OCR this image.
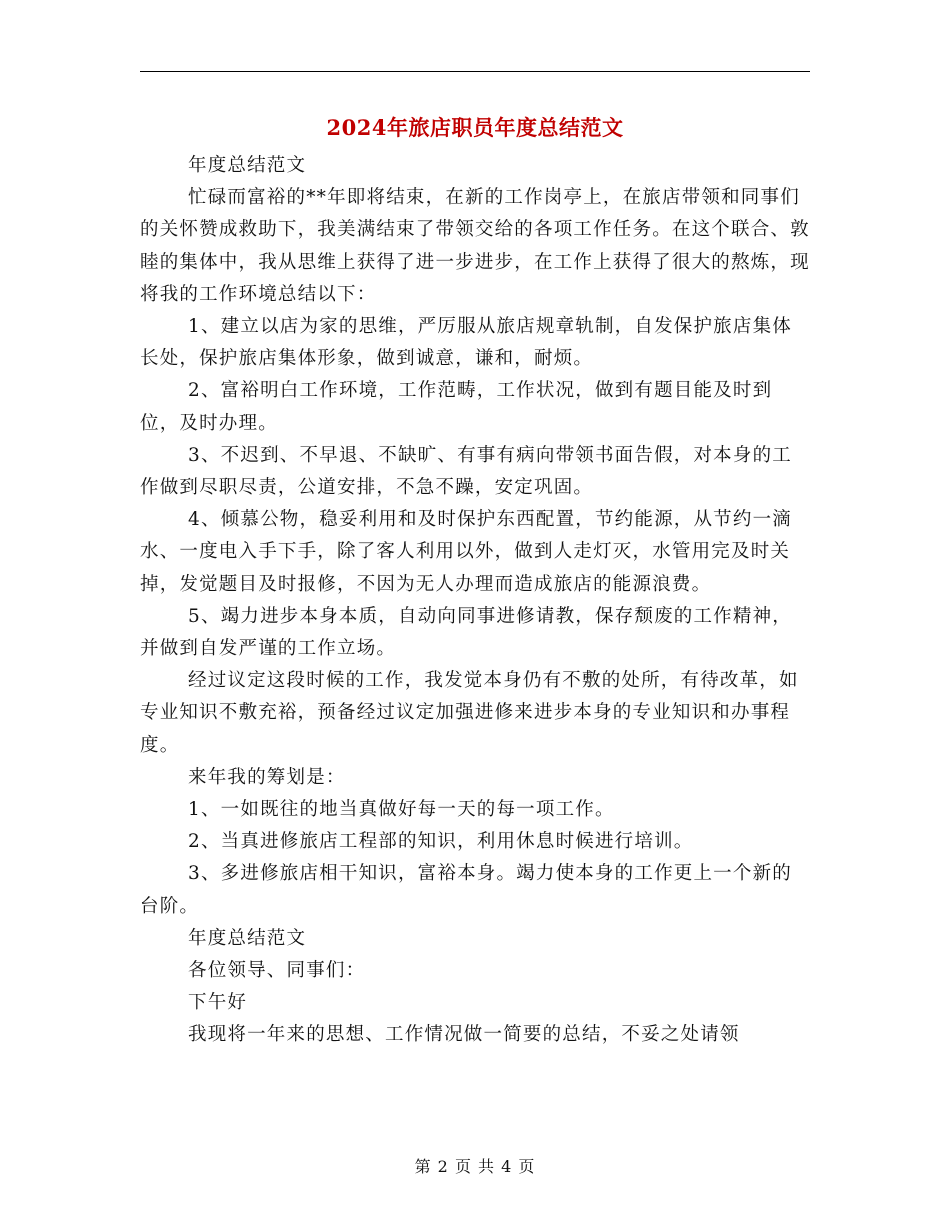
2024年旅店职员年度总结范文

年度总结范文

忙碌而富裕的**年即将结束，在新的工作岗亭上，在旅店带领和同事们的关怀赞成救助下，我美满结束了带领交给的各项工作任务。在这个联合、敦睦的集体中，我从思维上获得了进一步进步，在工作上获得了很大的熬炼，现将我的工作环境总结以下：

1、建立以店为家的思维，严厉服从旅店规章轨制，自发保护旅店集体长处，保护旅店集体形象，做到诚意，谦和，耐烦。

2、富裕明白工作环境，工作范畴，工作状况，做到有题目能及时到位，及时办理。

3、不迟到、不早退、不缺旷、有事有病向带领书面告假，对本身的工作做到尽职尽责，公道安排，不急不躁，安定巩固。

4、倾慕公物，稳妥利用和及时保护东西配置，节约能源，从节约一滴水、一度电入手下手，除了客人利用以外，做到人走灯灭，水管用完及时关掉，发觉题目及时报修，不因为无人办理而造成旅店的能源浪费。

5、竭力进步本身本质，自动向同事进修请教，保存颓废的工作精神，并做到自发严谨的工作立场。

经过议定这段时候的工作，我发觉本身仍有不敷的处所，有待改革，如专业知识不敷充裕，预备经过议定加强进修来进步本身的专业知识和办事程度。

来年我的筹划是：

1、一如既往的地当真做好每一天的每一项工作。

2、当真进修旅店工程部的知识，利用休息时候进行培训。

3、多进修旅店相干知识，富裕本身。竭力使本身的工作更上一个新的台阶。

年度总结范文

各位领导、同事们：

下午好

我现将一年来的思想、工作情况做一简要的总结，不妥之处请领

第 2 页 共 4 页
